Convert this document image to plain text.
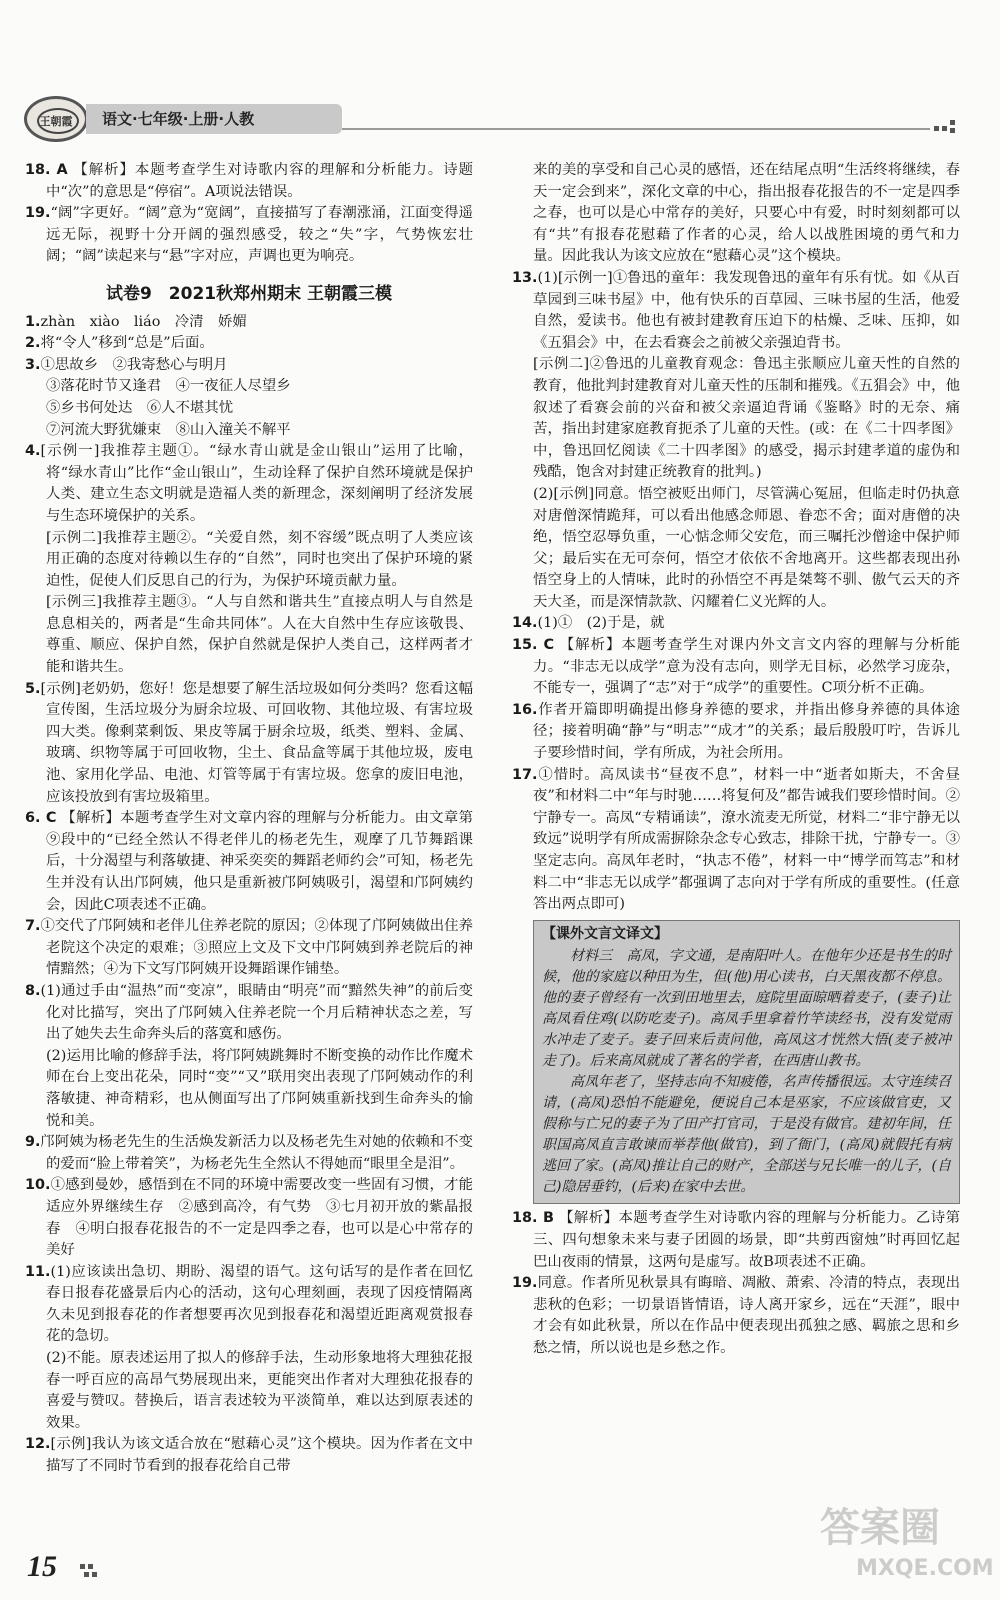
王朝霞	语文·七年级·上册·人教

18. A 【解析】本题考查学生对诗歌内容的理解和分析能力。诗题中“次”的意思是“停宿”。A项说法错误。

19.“阔”字更好。“阔”意为“宽阔”，直接描写了春潮涨涌，江面变得遥远无际，视野十分开阔的强烈感受，较之“失”字，气势恢宏壮阔；“阔”读起来与“悬”字对应，声调也更为响亮。

试卷9　2021秋郑州期末 王朝霞三模

1.zhàn　xiào　liáo　冷清　娇媚

2.将“令人”移到“总是”后面。

3.①思故乡　②我寄愁心与明月

③落花时节又逢君　④一夜征人尽望乡

⑤乡书何处达　⑥人不堪其忧

⑦河流大野犹嫌束　⑧山入潼关不解平

4.[示例一]我推荐主题①。“绿水青山就是金山银山”运用了比喻，将“绿水青山”比作“金山银山”，生动诠释了保护自然环境就是保护人类、建立生态文明就是造福人类的新理念，深刻阐明了经济发展与生态环境保护的关系。

[示例二]我推荐主题②。“关爱自然，刻不容缓”既点明了人类应该用正确的态度对待赖以生存的“自然”，同时也突出了保护环境的紧迫性，促使人们反思自己的行为，为保护环境贡献力量。

[示例三]我推荐主题③。“人与自然和谐共生”直接点明人与自然是息息相关的，两者是“生命共同体”。人在大自然中生存应该敬畏、尊重、顺应、保护自然，保护自然就是保护人类自己，这样两者才能和谐共生。

5.[示例]老奶奶，您好！您是想要了解生活垃圾如何分类吗？您看这幅宣传图，生活垃圾分为厨余垃圾、可回收物、其他垃圾、有害垃圾四大类。像剩菜剩饭、果皮等属于厨余垃圾，纸类、塑料、金属、玻璃、织物等属于可回收物，尘土、食品盒等属于其他垃圾，废电池、家用化学品、电池、灯管等属于有害垃圾。您拿的废旧电池，应该投放到有害垃圾箱里。

6. C 【解析】本题考查学生对文章内容的理解与分析能力。由文章第⑨段中的“已经全然认不得老伴儿的杨老先生，观摩了几节舞蹈课后，十分渴望与利落敏捷、神采奕奕的舞蹈老师约会”可知，杨老先生并没有认出邝阿姨，他只是重新被邝阿姨吸引，渴望和邝阿姨约会，因此C项表述不正确。

7.①交代了邝阿姨和老伴儿住养老院的原因；②体现了邝阿姨做出住养老院这个决定的艰难；③照应上文及下文中邝阿姨到养老院后的神情黯然；④为下文写邝阿姨开设舞蹈课作铺垫。

8.(1)通过手由“温热”而“变凉”，眼睛由“明亮”而“黯然失神”的前后变化对比描写，突出了邝阿姨入住养老院一个月后精神状态之差，写出了她失去生命奔头后的落寞和感伤。

(2)运用比喻的修辞手法，将邝阿姨跳舞时不断变换的动作比作魔术师在台上变出花朵，同时“变”“又”联用突出表现了邝阿姨动作的利落敏捷、神奇精彩，也从侧面写出了邝阿姨重新找到生命奔头的愉悦和美。

9.邝阿姨为杨老先生的生活焕发新活力以及杨老先生对她的依赖和不变的爱而“脸上带着笑”，为杨老先生全然认不得她而“眼里全是泪”。

10.①感到曼妙，感悟到在不同的环境中需要改变一些固有习惯，才能适应外界继续生存　②感到高冷，有气势　③七月初开放的紫晶报春　④明白报春花报告的不一定是四季之春，也可以是心中常存的美好

11.(1)应该读出急切、期盼、渴望的语气。这句话写的是作者在回忆春日报春花盛景后内心的活动，这句心理刻画，表现了因疫情隔离久未见到报春花的作者想要再次见到报春花和渴望近距离观赏报春花的急切。

(2)不能。原表述运用了拟人的修辞手法，生动形象地将大理独花报春一呼百应的高昂气势展现出来，更能突出作者对大理独花报春的喜爱与赞叹。替换后，语言表述较为平淡简单，难以达到原表述的效果。

12.[示例]我认为该文适合放在“慰藉心灵”这个模块。因为作者在文中描写了不同时节看到的报春花给自己带

来的美的享受和自己心灵的感悟，还在结尾点明“生活终将继续，春天一定会到来”，深化文章的中心，指出报春花报告的不一定是四季之春，也可以是心中常存的美好，只要心中有爱，时时刻刻都可以有“共”有报春花慰藉了作者的心灵，给人以战胜困境的勇气和力量。因此我认为该文应放在“慰藉心灵”这个模块。

13.(1)[示例一]①鲁迅的童年：我发现鲁迅的童年有乐有忧。如《从百草园到三味书屋》中，他有快乐的百草园、三味书屋的生活，他爱自然，爱读书。他也有被封建教育压迫下的枯燥、乏味、压抑，如《五猖会》中，在去看赛会之前被父亲强迫背书。

[示例二]②鲁迅的儿童教育观念：鲁迅主张顺应儿童天性的自然的教育，他批判封建教育对儿童天性的压制和摧残。《五猖会》中，他叙述了看赛会前的兴奋和被父亲逼迫背诵《鉴略》时的无奈、痛苦，指出封建家庭教育扼杀了儿童的天性。(或：在《二十四孝图》中，鲁迅回忆阅读《二十四孝图》的感受，揭示封建孝道的虚伪和残酷，饱含对封建正统教育的批判。)

(2)[示例]同意。悟空被贬出师门，尽管满心冤屈，但临走时仍执意对唐僧深情跪拜，可以看出他感念师恩、眷恋不舍；面对唐僧的决绝，悟空忍辱负重，一心惦念师父安危，而三嘱托沙僧途中保护师父；最后实在无可奈何，悟空才依依不舍地离开。这些都表现出孙悟空身上的人情味，此时的孙悟空不再是桀骜不驯、傲气云天的齐天大圣，而是深情款款、闪耀着仁义光辉的人。

14.(1)①　(2)于是，就

15. C 【解析】本题考查学生对课内外文言文内容的理解与分析能力。“非志无以成学”意为没有志向，则学无目标，必然学习庞杂，不能专一，强调了“志”对于“成学”的重要性。C项分析不正确。

16.作者开篇即明确提出修身养德的要求，并指出修身养德的具体途径；接着明确“静”与“明志”“成才”的关系；最后殷殷叮咛，告诉儿子要珍惜时间，学有所成，为社会所用。

17.①惜时。高凤读书“昼夜不息”，材料一中“逝者如斯夫，不舍昼夜”和材料二中“年与时驰……将复何及”都告诫我们要珍惜时间。②宁静专一。高凤“专精诵读”，潦水流麦无所觉，材料二“非宁静无以致远”说明学有所成需摒除杂念专心致志，排除干扰，宁静专一。③坚定志向。高凤年老时，“执志不倦”，材料一中“博学而笃志”和材料二中“非志无以成学”都强调了志向对于学有所成的重要性。(任意答出两点即可)

【课外文言文译文】

材料三　高凤，字文通，是南阳叶人。在他年少还是书生的时候，他的家庭以种田为生，但(他)用心读书，白天黑夜都不停息。他的妻子曾经有一次到田地里去，庭院里面晾晒着麦子，(妻子)让高凤看住鸡(以防吃麦子)。高凤手里拿着竹竿读经书，没有发觉雨水冲走了麦子。妻子回来后责问他，高凤这才恍然大悟(麦子被冲走了)。后来高凤就成了著名的学者，在西唐山教书。

高凤年老了，坚持志向不知疲倦，名声传播很远。太守连续召请，(高凤)恐怕不能避免，便说自己本是巫家，不应该做官吏，又假称与亡兄的妻子为了田产打官司，于是没有做官。建初年间，任职国高凤直言敢谏而举荐他(做官)，到了衙门，(高凤)就假托有病逃回了家。(高凤)推让自己的财产，全部送与兄长唯一的儿子，(自己)隐居垂钓，(后来)在家中去世。

18. B 【解析】本题考查学生对诗歌内容的理解与分析能力。乙诗第三、四句想象未来与妻子团圆的场景，即“共剪西窗烛”时再回忆起巴山夜雨的情景，这两句是虚写。故B项表述不正确。

19.同意。作者所见秋景具有晦暗、凋敝、萧索、冷清的特点，表现出悲秋的色彩；一切景语皆情语，诗人离开家乡，远在“天涯”，眼中才会有如此秋景，所以在作品中便表现出孤独之感、羁旅之思和乡愁之情，所以说也是乡愁之作。

15
答案圈
MXQE.COM
